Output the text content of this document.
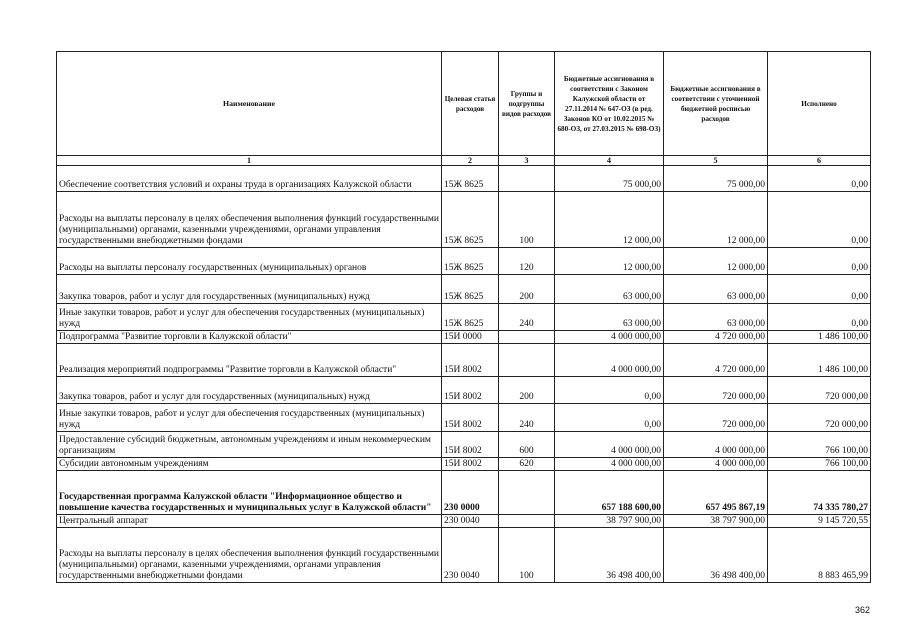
Наименование	Целевая статья расходов	Группы и подгруппы видов расходов	Бюджетные ассигнования в соответствии с Законом Калужской области от 27.11.2014 № 647-ОЗ (в ред. Законов КО от 10.02.2015 № 680-ОЗ, от 27.03.2015 № 698-ОЗ)	Бюджетные ассигнования в соответствии с уточненной бюджетной росписью расходов	Исполнено
1	2	3	4	5	6
Обеспечение соответствия условий и охраны труда в организациях Калужской области	15Ж 8625		75 000,00	75 000,00	0,00
Расходы на выплаты персоналу в целях обеспечения выполнения функций государственными (муниципальными) органами, казенными учреждениями, органами управления государственными внебюджетными фондами	15Ж 8625	100	12 000,00	12 000,00	0,00
Расходы на выплаты персоналу государственных (муниципальных) органов	15Ж 8625	120	12 000,00	12 000,00	0,00
Закупка товаров, работ и услуг для государственных (муниципальных) нужд	15Ж 8625	200	63 000,00	63 000,00	0,00
Иные закупки товаров, работ и услуг для обеспечения государственных (муниципальных) нужд	15Ж 8625	240	63 000,00	63 000,00	0,00
Подпрограмма "Развитие торговли в Калужской области"	15И 0000		4 000 000,00	4 720 000,00	1 486 100,00
Реализация мероприятий подпрограммы "Развитие торговли в Калужской области"	15И 8002		4 000 000,00	4 720 000,00	1 486 100,00
Закупка товаров, работ и услуг для государственных (муниципальных) нужд	15И 8002	200	0,00	720 000,00	720 000,00
Иные закупки товаров, работ и услуг для обеспечения государственных (муниципальных) нужд	15И 8002	240	0,00	720 000,00	720 000,00
Предоставление субсидий бюджетным, автономным учреждениям и иным некоммерческим организациям	15И 8002	600	4 000 000,00	4 000 000,00	766 100,00
Субсидии автономным учреждениям	15И 8002	620	4 000 000,00	4 000 000,00	766 100,00
Государственная программа Калужской области "Информационное общество и повышение качества государственных и муниципальных услуг в Калужской области"	230 0000		657 188 600,00	657 495 867,19	74 335 780,27
Центральный аппарат	230 0040		38 797 900,00	38 797 900,00	9 145 720,55
Расходы на выплаты персоналу в целях обеспечения выполнения функций государственными (муниципальными) органами, казенными учреждениями, органами управления государственными внебюджетными фондами	230 0040	100	36 498 400,00	36 498 400,00	8 883 465,99
362
